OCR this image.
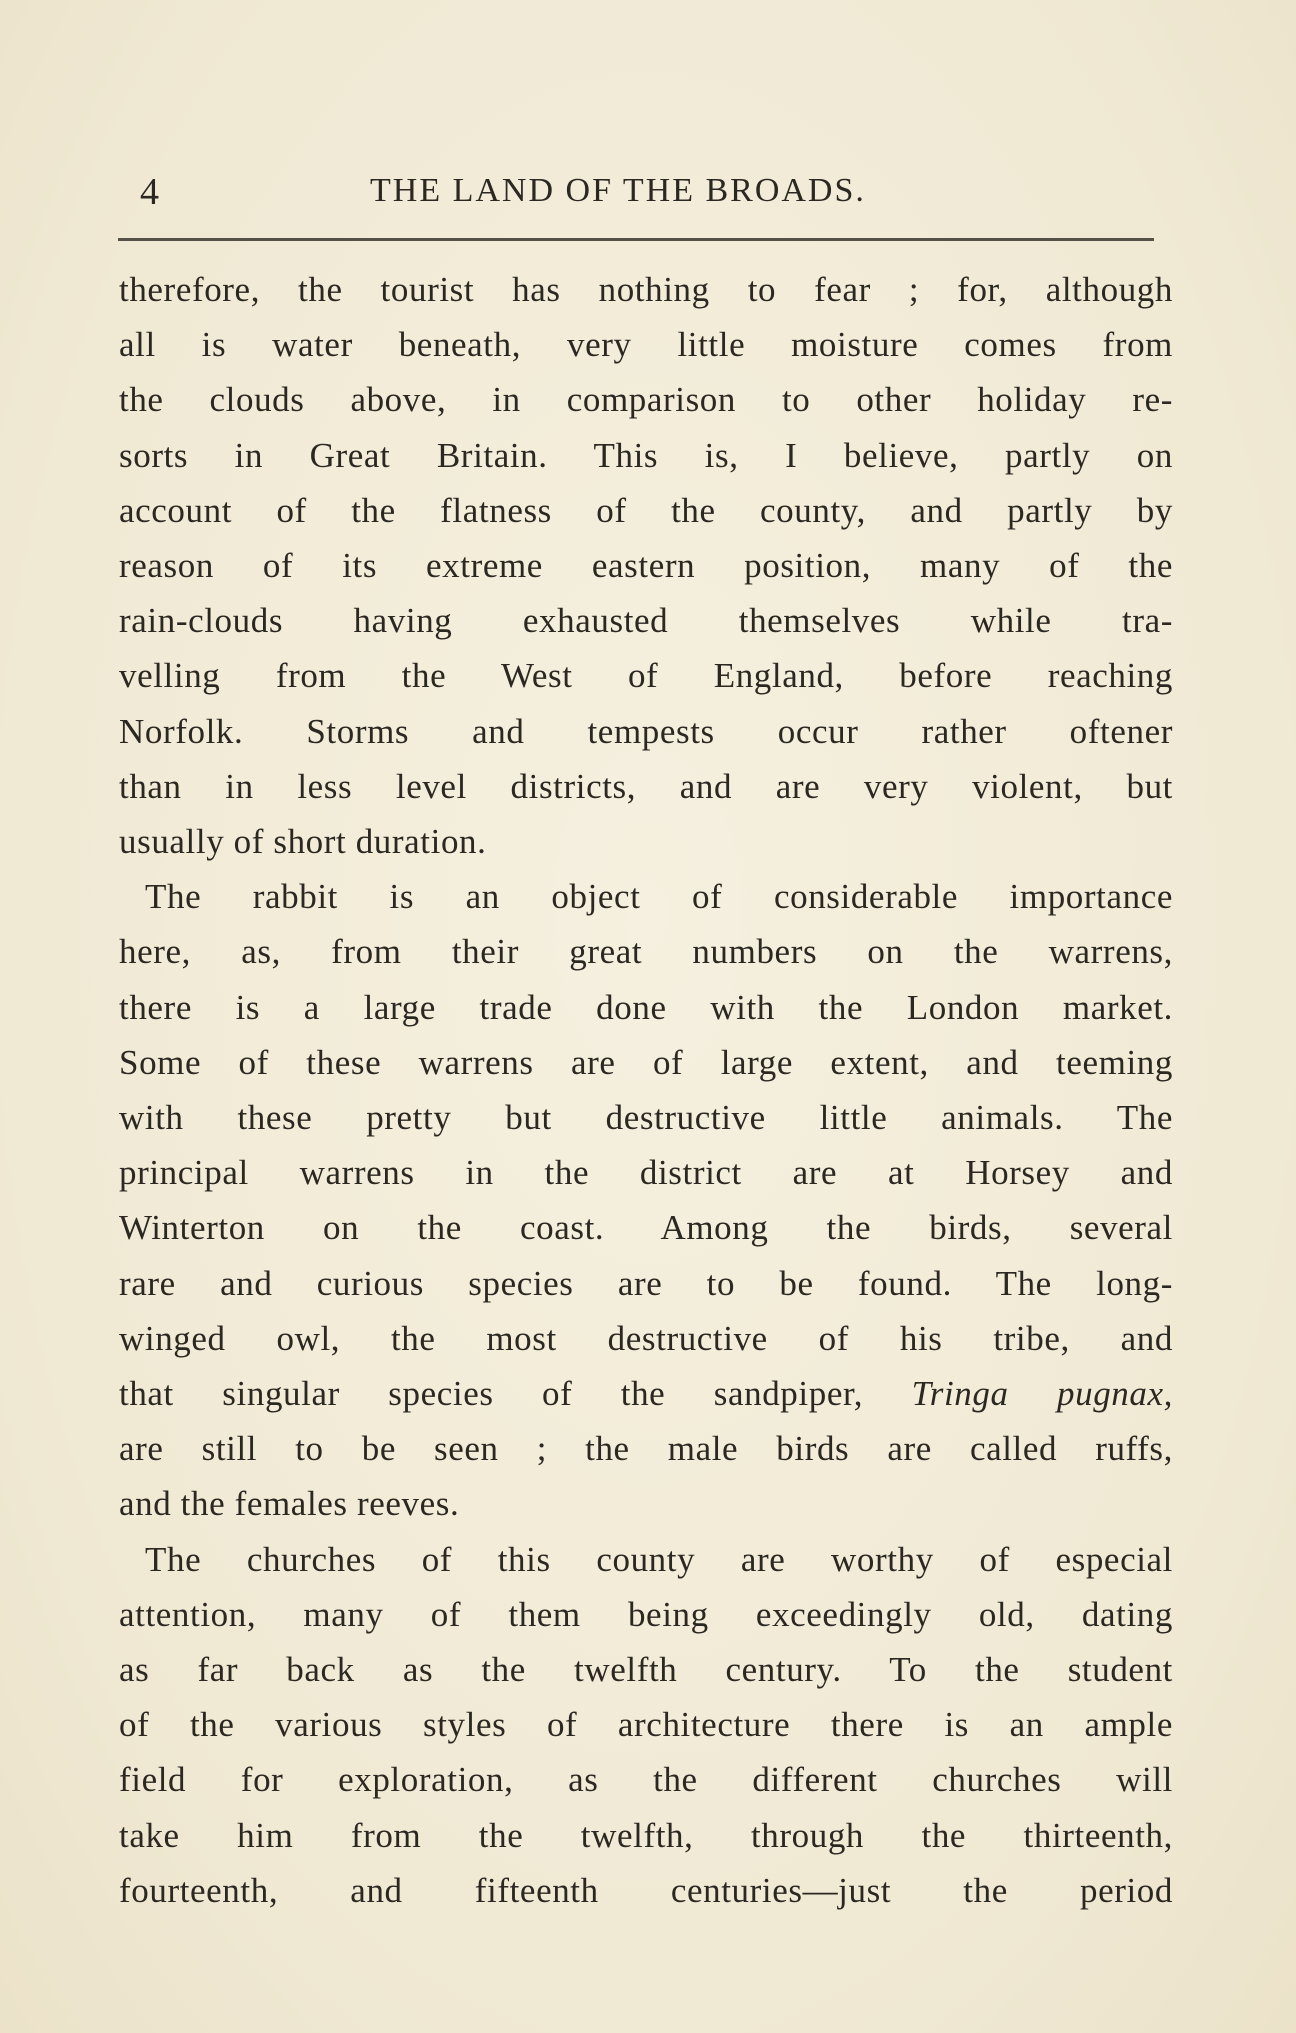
4	THE LAND OF THE BROADS.
therefore, the tourist has nothing to fear ; for, although
all is water beneath, very little moisture comes from
the clouds above, in comparison to other holiday re-
sorts in Great Britain. This is, I believe, partly on
account of the flatness of the county, and partly by
reason of its extreme eastern position, many of the
rain-clouds having exhausted themselves while tra-
velling from the West of England, before reaching
Norfolk. Storms and tempests occur rather oftener
than in less level districts, and are very violent, but
usually of short duration.
The rabbit is an object of considerable importance
here, as, from their great numbers on the warrens,
there is a large trade done with the London market.
Some of these warrens are of large extent, and teeming
with these pretty but destructive little animals. The
principal warrens in the district are at Horsey and
Winterton on the coast. Among the birds, several
rare and curious species are to be found. The long-
winged owl, the most destructive of his tribe, and
that singular species of the sandpiper, Tringa pugnax,
are still to be seen ; the male birds are called ruffs,
and the females reeves.
The churches of this county are worthy of especial
attention, many of them being exceedingly old, dating
as far back as the twelfth century. To the student
of the various styles of architecture there is an ample
field for exploration, as the different churches will
take him from the twelfth, through the thirteenth,
fourteenth, and fifteenth centuries—just the period
